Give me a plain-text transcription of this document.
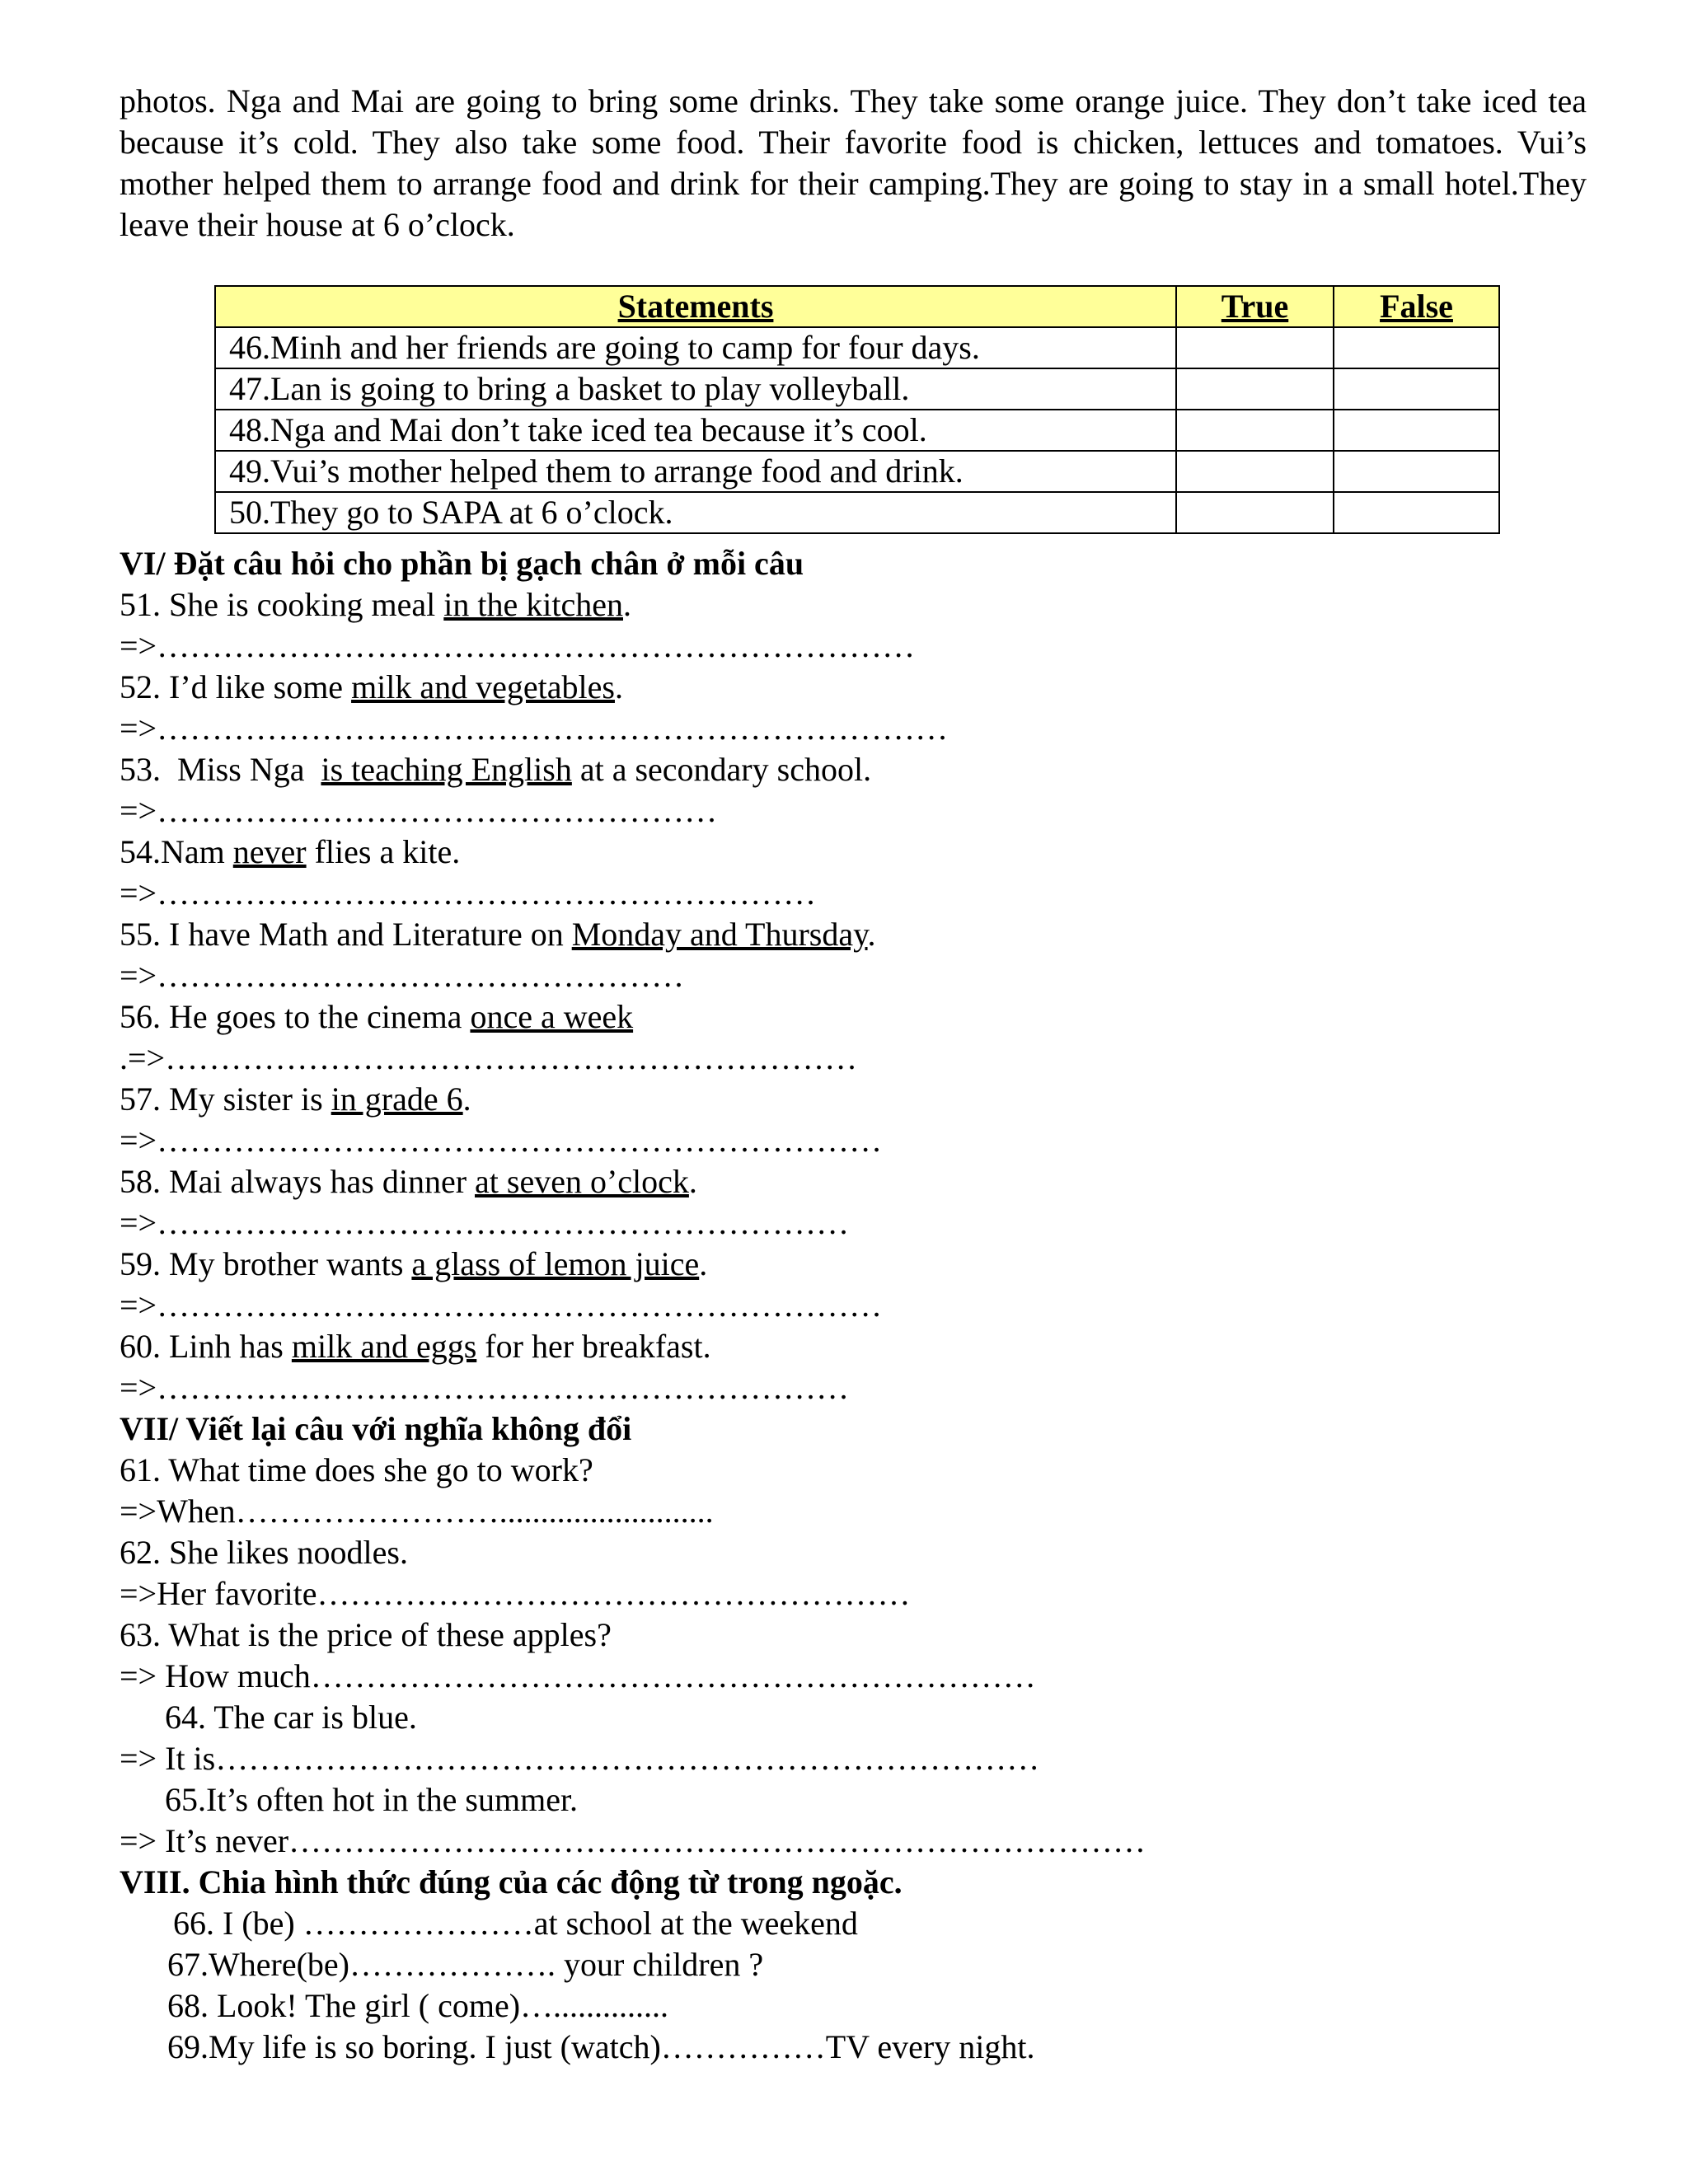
photos. Nga and Mai are going to bring some drinks. They take some orange juice. They don’t take iced tea because it’s cold. They also take some food. Their favorite food is chicken, lettuces and tomatoes. Vui’s mother helped them to arrange food and drink for their camping.They are going to stay in a small hotel.They leave their house at 6 o’clock.

Statements	True	False
46.Minh and her friends are going to camp for four days.		
47.Lan is going to bring a basket to play volleyball.		
48.Nga and Mai don’t take iced tea because it’s cool.		
49.Vui’s mother helped them to arrange food and drink.		
50.They go to SAPA at 6 o’clock.		
VI/ Đặt câu hỏi cho phần bị gạch chân ở mỗi câu
51. She is cooking meal in the kitchen.
=>……………………………………………………………
52. I’d like some milk and vegetables.
=>………………………………………………………………
53.  Miss Nga  is teaching English at a secondary school.
=>……………………………………………
54.Nam never flies a kite.
=>……………………………………………………
55. I have Math and Literature on Monday and Thursday.
=>…………………………………………
56. He goes to the cinema once a week
.=>………………………………………………………
57. My sister is in grade 6.
=>…………………………………………………………
58. Mai always has dinner at seven o’clock.
=>………………………………………………………
59. My brother wants a glass of lemon juice.
=>…………………………………………………………
60. Linh has milk and eggs for her breakfast.
=>………………………………………………………
VII/ Viết lại câu với nghĩa không đổi
61. What time does she go to work?
=>When……………………..........................
62. She likes noodles.
=>Her favorite………………………………………………
63. What is the price of these apples?
=> How much…………………………………………………………
64. The car is blue.
=> It is…………………………………………………………………
65.It’s often hot in the summer.
=> It’s never……………………………………………………………………
VIII. Chia hình thức đúng của các động từ trong ngoặc.
66. I (be) …………………at school at the weekend
67.Where(be)………………. your children ?
68. Look! The girl ( come)…..............
69.My life is so boring. I just (watch)……………TV every night.
